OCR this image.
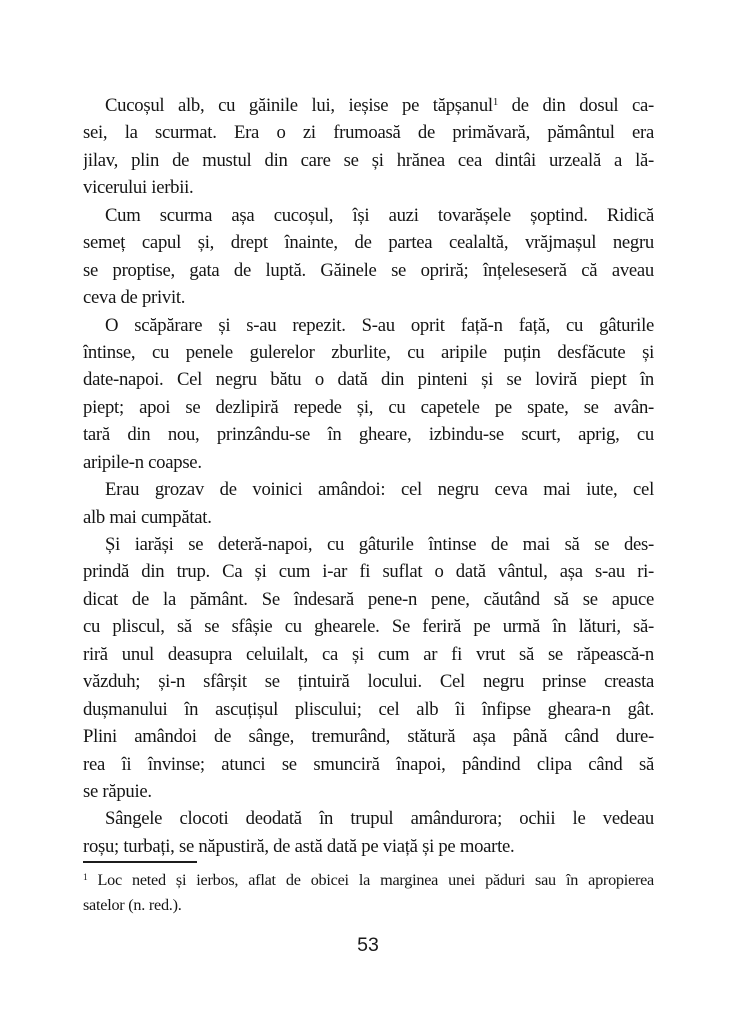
Cucoșul alb, cu găinile lui, ieșise pe tăpșanul$^1$ de din dosul ca-
sei, la scurmat. Era o zi frumoasă de primăvară, pământul era
jilav, plin de mustul din care se și hrănea cea dintâi urzeală a lă-
vicerului ierbii.
Cum scurma așa cucoșul, își auzi tovarășele șoptind. Ridică
semeț capul și, drept înainte, de partea cealaltă, vrăjmașul negru
se proptise, gata de luptă. Găinele se opriră; înțeleseseră că aveau
ceva de privit.
O scăpărare și s-au repezit. S-au oprit față-n față, cu gâturile
întinse, cu penele gulerelor zburlite, cu aripile puțin desfăcute și
date-napoi. Cel negru bătu o dată din pinteni și se loviră piept în
piept; apoi se dezlipiră repede și, cu capetele pe spate, se avân-
tară din nou, prinzându-se în gheare, izbindu-se scurt, aprig, cu
aripile-n coapse.
Erau grozav de voinici amândoi: cel negru ceva mai iute, cel
alb mai cumpătat.
Și iarăși se deteră-napoi, cu gâturile întinse de mai să se des-
prindă din trup. Ca și cum i-ar fi suflat o dată vântul, așa s-au ri-
dicat de la pământ. Se îndesară pene-n pene, căutând să se apuce
cu pliscul, să se sfâșie cu ghearele. Se feriră pe urmă în lături, să-
riră unul deasupra celuilalt, ca și cum ar fi vrut să se răpească-n
văzduh; și-n sfârșit se țintuiră locului. Cel negru prinse creasta
dușmanului în ascuțișul pliscului; cel alb îi înfipse gheara-n gât.
Plini amândoi de sânge, tremurând, stătură așa până când dure-
rea îi învinse; atunci se smunciră înapoi, pândind clipa când să
se răpuie.
Sângele clocoti deodată în trupul amândurora; ochii le vedeau
roșu; turbați, se năpustiră, de astă dată pe viață și pe moarte.
$^1$ Loc neted și ierbos, aflat de obicei la marginea unei păduri sau în apropierea
satelor (n. red.).
53
